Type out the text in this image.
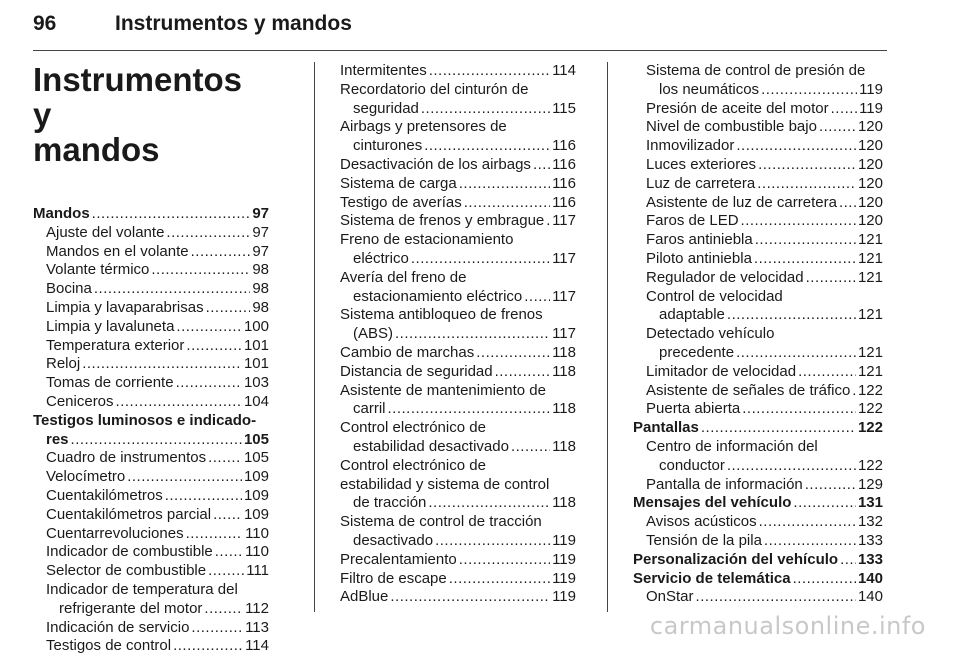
96	Instrumentos y mandos
Instrumentos y
mandos
Mandos .....	97
Ajuste del volante .....	97
Mandos en el volante .....	97
Volante térmico .....	98
Bocina .....	98
Limpia y lavaparabrisas .....	98
Limpia y lavaluneta .....	100
Temperatura exterior .....	101
Reloj .....	101
Tomas de corriente .....	103
Ceniceros .....	104
Testigos luminosos e indicado-
res .....	105
Cuadro de instrumentos .....	105
Velocímetro .....	109
Cuentakilómetros .....	109
Cuentakilómetros parcial ..... 109
Cuentarrevoluciones .....	110
Indicador de combustible ..... 110
Selector de combustible .....	111
Indicador de temperatura del
refrigerante del motor .....	112
Indicación de servicio .....	113
Testigos de control .....	114
Intermitentes .....	114
Recordatorio del cinturón de
seguridad .....	115
Airbags y pretensores de
cinturones .....	116
Desactivación de los airbags ..... 116
Sistema de carga .....	116
Testigo de averías .....	116
Sistema de frenos y embrague ..... 117
Freno de estacionamiento
eléctrico .....	117
Avería del freno de
estacionamiento eléctrico ..... 117
Sistema antibloqueo de frenos
(ABS) .....	117
Cambio de marchas .....	118
Distancia de seguridad .....	118
Asistente de mantenimiento de
carril .....	118
Control electrónico de
estabilidad desactivado .....	118
Control electrónico de
estabilidad y sistema de control
de tracción .....	118
Sistema de control de tracción
desactivado .....	119
Precalentamiento .....	119
Filtro de escape .....	119
AdBlue .....	119
Sistema de control de presión de
los neumáticos .....	119
Presión de aceite del motor ..... 119
Nivel de combustible bajo .....	120
Inmovilizador .....	120
Luces exteriores .....	120
Luz de carretera .....	120
Asistente de luz de carretera ..... 120
Faros de LED .....	120
Faros antiniebla .....	121
Piloto antiniebla .....	121
Regulador de velocidad .....	121
Control de velocidad
adaptable .....	121
Detectado vehículo
precedente .....	121
Limitador de velocidad .....	121
Asistente de señales de tráfico ..... 122
Puerta abierta .....	122
Pantallas .....	122
Centro de información del
conductor .....	122
Pantalla de información .....	129
Mensajes del vehículo .....	131
Avisos acústicos .....	132
Tensión de la pila .....	133
Personalización del vehículo ..... 133
Servicio de telemática .....	140
OnStar .....	140
carmanualsonline.info
